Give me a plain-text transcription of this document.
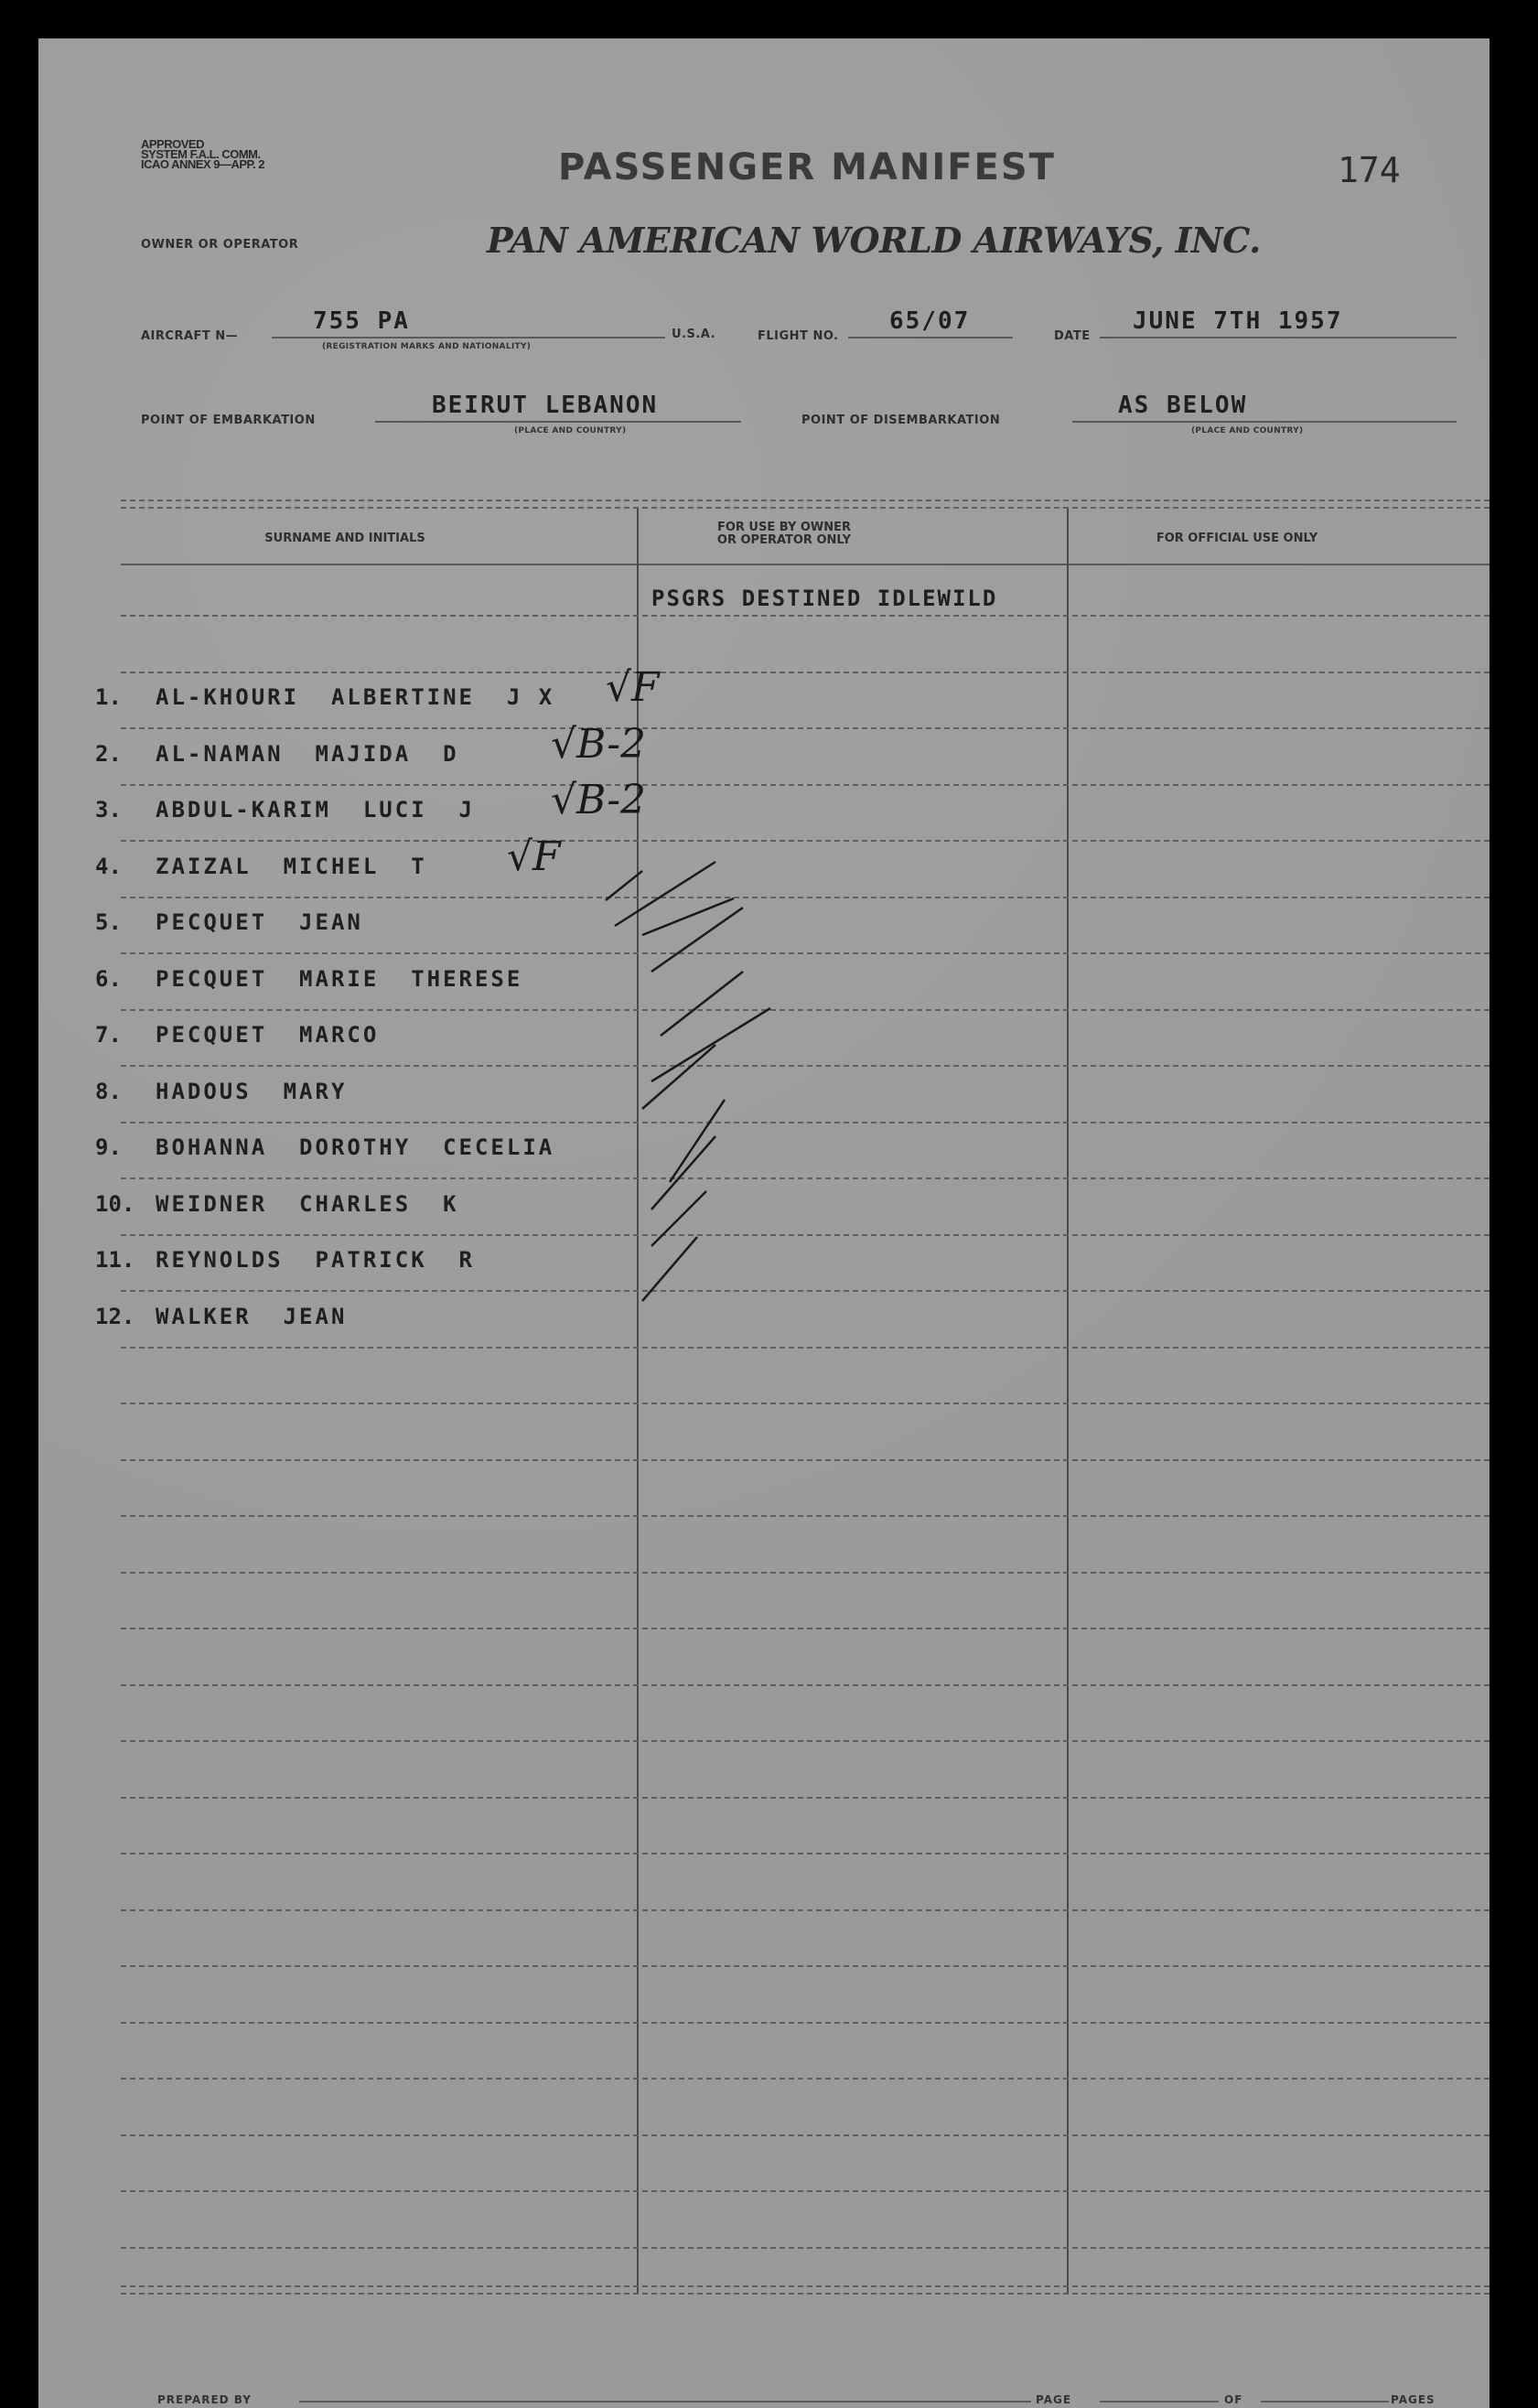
APPROVED
SYSTEM F.A.L. COMM.
ICAO ANNEX 9—APP. 2	PASSENGER MANIFEST	174
OWNER OR OPERATOR	PAN AMERICAN WORLD AIRWAYS, INC.
AIRCRAFT N—
755 PA
(REGISTRATION MARKS AND NATIONALITY)
U.S.A.	FLIGHT NO.
65/07
DATE
JUNE 7TH 1957
POINT OF EMBARKATION
BEIRUT LEBANON
(PLACE AND COUNTRY)
POINT OF DISEMBARKATION
AS BELOW
(PLACE AND COUNTRY)
SURNAME AND INITIALS
FOR USE BY OWNER
OR OPERATOR ONLY	FOR OFFICIAL USE ONLY
PSGRS DESTINED IDLEWILD
1. AL-KHOURI  ALBERTINE  J X √F
2. AL-NAMAN  MAJIDA  D √B-2
3. ABDUL-KARIM  LUCI  J √B-2
4. ZAIZAL  MICHEL  T √F
5. PECQUET  JEAN
6. PECQUET  MARIE  THERESE
7. PECQUET  MARCO
8. HADOUS  MARY
9. BOHANNA  DOROTHY  CECELIA
10. WEIDNER  CHARLES  K
11. REYNOLDS  PATRICK  R
12. WALKER  JEAN
PREPARED BY	PAGE	OF	PAGES
